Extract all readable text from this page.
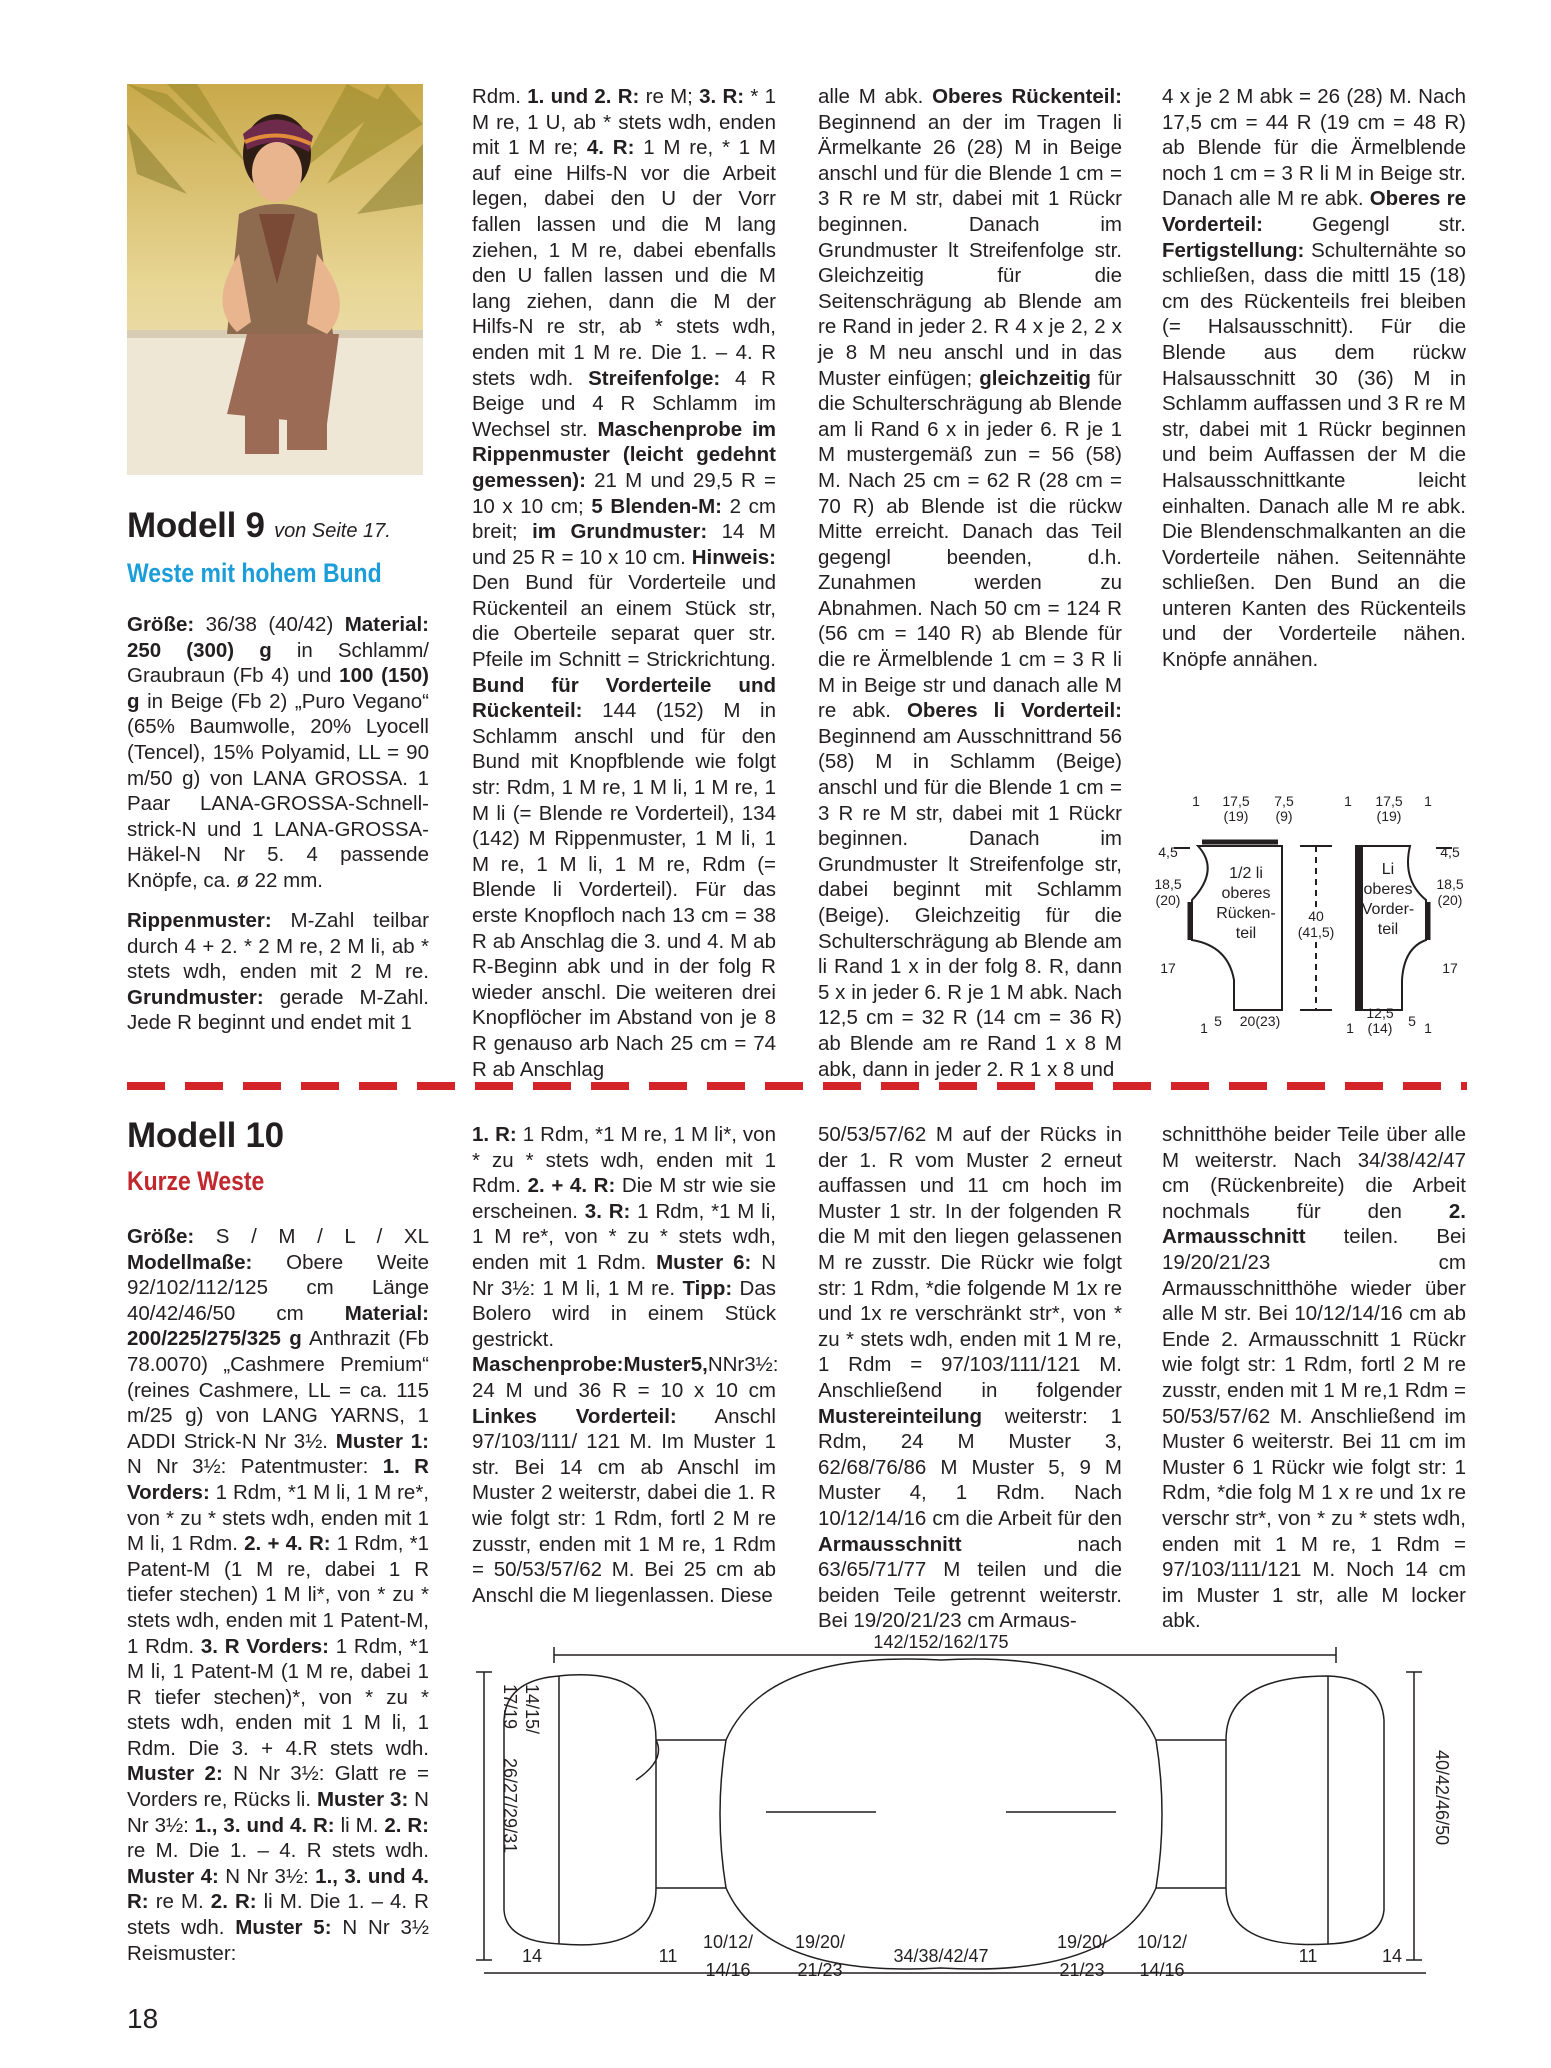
Modell 9 von Seite 17.
Weste mit hohem Bund

Größe: 36/38 (40/42) Material: 250 (300) g in Schlamm/ Graubraun (Fb 4) und 100 (150) g in Beige (Fb 2) „Puro Vegano“ (65% Baumwolle, 20% Lyocell (Tencel), 15% Polyamid, LL = 90 m/50 g) von LANA GROSSA. 1 Paar LANA-GROSSA-Schnell-strick-N und 1 LANA-GROSSA-Häkel-N Nr 5. 4 passende Knöpfe, ca. ø 22 mm.

Rippenmuster: M-Zahl teilbar durch 4 + 2. * 2 M re, 2 M li, ab * stets wdh, enden mit 2 M re. Grundmuster: gerade M-Zahl. Jede R beginnt und endet mit 1

Rdm. 1. und 2. R: re M; 3. R: * 1 M re, 1 U, ab * stets wdh, enden mit 1 M re; 4. R: 1 M re, * 1 M auf eine Hilfs-N vor die Arbeit legen, dabei den U der Vorr fallen lassen und die M lang ziehen, 1 M re, dabei ebenfalls den U fallen lassen und die M lang ziehen, dann die M der Hilfs-N re str, ab * stets wdh, enden mit 1 M re. Die 1. – 4. R stets wdh. Streifenfolge: 4 R Beige und 4 R Schlamm im Wechsel str. Maschenprobe im Rippenmuster (leicht gedehnt gemessen): 21 M und 29,5 R = 10 x 10 cm; 5 Blenden-M: 2 cm breit; im Grundmuster: 14 M und 25 R = 10 x 10 cm. Hinweis: Den Bund für Vorderteile und Rückenteil an einem Stück str, die Oberteile separat quer str. Pfeile im Schnitt = Strickrichtung. Bund für Vorderteile und Rückenteil: 144 (152) M in Schlamm anschl und für den Bund mit Knopfblende wie folgt str: Rdm, 1 M re, 1 M li, 1 M re, 1 M li (= Blende re Vorderteil), 134 (142) M Rippenmuster, 1 M li, 1 M re, 1 M li, 1 M re, Rdm (= Blende li Vorderteil). Für das erste Knopfloch nach 13 cm = 38 R ab Anschlag die 3. und 4. M ab R-Beginn abk und in der folg R wieder anschl. Die weiteren drei Knopflöcher im Abstand von je 8 R genauso arb Nach 25 cm = 74 R ab Anschlag

alle M abk. Oberes Rückenteil: Beginnend an der im Tragen li Ärmelkante 26 (28) M in Beige anschl und für die Blende 1 cm = 3 R re M str, dabei mit 1 Rückr beginnen. Danach im Grundmuster lt Streifenfolge str. Gleichzeitig für die Seitenschrägung ab Blende am re Rand in jeder 2. R 4 x je 2, 2 x je 8 M neu anschl und in das Muster einfügen; gleichzeitig für die Schulterschrägung ab Blende am li Rand 6 x in jeder 6. R je 1 M mustergemäß zun = 56 (58) M. Nach 25 cm = 62 R (28 cm = 70 R) ab Blende ist die rückw Mitte erreicht. Danach das Teil gegengl beenden, d.h. Zunahmen werden zu Abnahmen. Nach 50 cm = 124 R (56 cm = 140 R) ab Blende für die re Ärmelblende 1 cm = 3 R li M in Beige str und danach alle M re abk. Oberes li Vorderteil: Beginnend am Ausschnittrand 56 (58) M in Schlamm (Beige) anschl und für die Blende 1 cm = 3 R re M str, dabei mit 1 Rückr beginnen. Danach im Grundmuster lt Streifenfolge str, dabei beginnt mit Schlamm (Beige). Gleichzeitig für die Schulterschrägung ab Blende am li Rand 1 x in der folg 8. R, dann 5 x in jeder 6. R je 1 M abk. Nach 12,5 cm = 32 R (14 cm = 36 R) ab Blende am re Rand 1 x 8 M abk, dann in jeder 2. R 1 x 8 und

4 x je 2 M abk = 26 (28) M. Nach 17,5 cm = 44 R (19 cm = 48 R) ab Blende für die Ärmelblende noch 1 cm = 3 R li M in Beige str. Danach alle M re abk. Oberes re Vorderteil: Gegengl str. Fertigstellung: Schulternähte so schließen, dass die mittl 15 (18) cm des Rückenteils frei bleiben (= Halsausschnitt). Für die Blende aus dem rückw Halsausschnitt 30 (36) M in Schlamm auffassen und 3 R re M str, dabei mit 1 Rückr beginnen und beim Auffassen der M die Halsausschnittkante leicht einhalten. Danach alle M re abk. Die Blendenschmalkanten an die Vorderteile nähen. Seitennähte schließen. Den Bund an die unteren Kanten des Rückenteils und der Vorderteile nähen. Knöpfe annähen.

1 17,5
(19)
7,5
(9)
1 17,5
(19)
1
4,5
18,5
(20)
17
4,5
18,5
(20)
17
40
(41,5)
1 5 20(23)	1
12,5
(14) 5 1
1/2 li
oberes
Rücken-
teil
Li
oberes
Vorder-
teil
Modell 10
Kurze Weste

Größe: S / M / L / XL Modellmaße: Obere Weite 92/102/112/125 cm Länge 40/42/46/50 cm Material: 200/225/275/325 g Anthrazit (Fb 78.0070) „Cashmere Premium“ (reines Cashmere, LL = ca. 115 m/25 g) von LANG YARNS, 1 ADDI Strick-N Nr 3½. Muster 1: N Nr 3½: Patentmuster: 1. R Vorders: 1 Rdm, *1 M li, 1 M re*, von * zu * stets wdh, enden mit 1 M li, 1 Rdm. 2. + 4. R: 1 Rdm, *1 Patent-M (1 M re, dabei 1 R tiefer stechen) 1 M li*, von * zu * stets wdh, enden mit 1 Patent-M, 1 Rdm. 3. R Vorders: 1 Rdm, *1 M li, 1 Patent-M (1 M re, dabei 1 R tiefer stechen)*, von * zu * stets wdh, enden mit 1 M li, 1 Rdm. Die 3. + 4.R stets wdh. Muster 2: N Nr 3½: Glatt re = Vorders re, Rücks li. Muster 3: N Nr 3½: 1., 3. und 4. R: li M. 2. R: re M. Die 1. – 4. R stets wdh. Muster 4: N Nr 3½: 1., 3. und 4. R: re M. 2. R: li M. Die 1. – 4. R stets wdh. Muster 5: N Nr 3½ Reismuster:

1. R: 1 Rdm, *1 M re, 1 M li*, von * zu * stets wdh, enden mit 1 Rdm. 2. + 4. R: Die M str wie sie erscheinen. 3. R: 1 Rdm, *1 M li, 1 M re*, von * zu * stets wdh, enden mit 1 Rdm. Muster 6: N Nr 3½: 1 M li, 1 M re. Tipp: Das Bolero wird in einem Stück gestrickt. Maschenprobe:Muster5,NNr3½: 24 M und 36 R = 10 x 10 cm Linkes Vorderteil: Anschl 97/103/111/ 121 M. Im Muster 1 str. Bei 14 cm ab Anschl im Muster 2 weiterstr, dabei die 1. R wie folgt str: 1 Rdm, fortl 2 M re zusstr, enden mit 1 M re, 1 Rdm = 50/53/57/62 M. Bei 25 cm ab Anschl die M liegenlassen. Diese

50/53/57/62 M auf der Rücks in der 1. R vom Muster 2 erneut auffassen und 11 cm hoch im Muster 1 str. In der folgenden R die M mit den liegen gelassenen M re zusstr. Die Rückr wie folgt str: 1 Rdm, *die folgende M 1x re und 1x re verschränkt str*, von * zu * stets wdh, enden mit 1 M re, 1 Rdm = 97/103/111/121 M. Anschließend in folgender Mustereinteilung weiterstr: 1 Rdm, 24 M Muster 3, 62/68/76/86 M Muster 5, 9 M Muster 4, 1 Rdm. Nach 10/12/14/16 cm die Arbeit für den Armausschnitt nach 63/65/71/77 M teilen und die beiden Teile getrennt weiterstr. Bei 19/20/21/23 cm Armaus-

schnitthöhe beider Teile über alle M weiterstr. Nach 34/38/42/47 cm (Rückenbreite) die Arbeit nochmals für den 2. Armausschnitt teilen. Bei 19/20/21/23 cm Armausschnitthöhe wieder über alle M str. Bei 10/12/14/16 cm ab Ende 2. Armausschnitt 1 Rückr wie folgt str: 1 Rdm, fortl 2 M re zusstr, enden mit 1 M re,1 Rdm = 50/53/57/62 M. Anschließend im Muster 6 weiterstr. Bei 11 cm im Muster 6 1 Rückr wie folgt str: 1 Rdm, *die folg M 1 x re und 1x re verschr str*, von * zu * stets wdh, enden mit 1 M re, 1 Rdm = 97/103/111/121 M. Noch 14 cm im Muster 1 str, alle M locker abk.

142/152/162/175
14	11
10/12/
14/16
19/20/
21/23
34/38/42/47
19/20/
21/23
10/12/
14/16
11	14
14/15/
17/19
26/27/29/31	40/42/46/50
18
